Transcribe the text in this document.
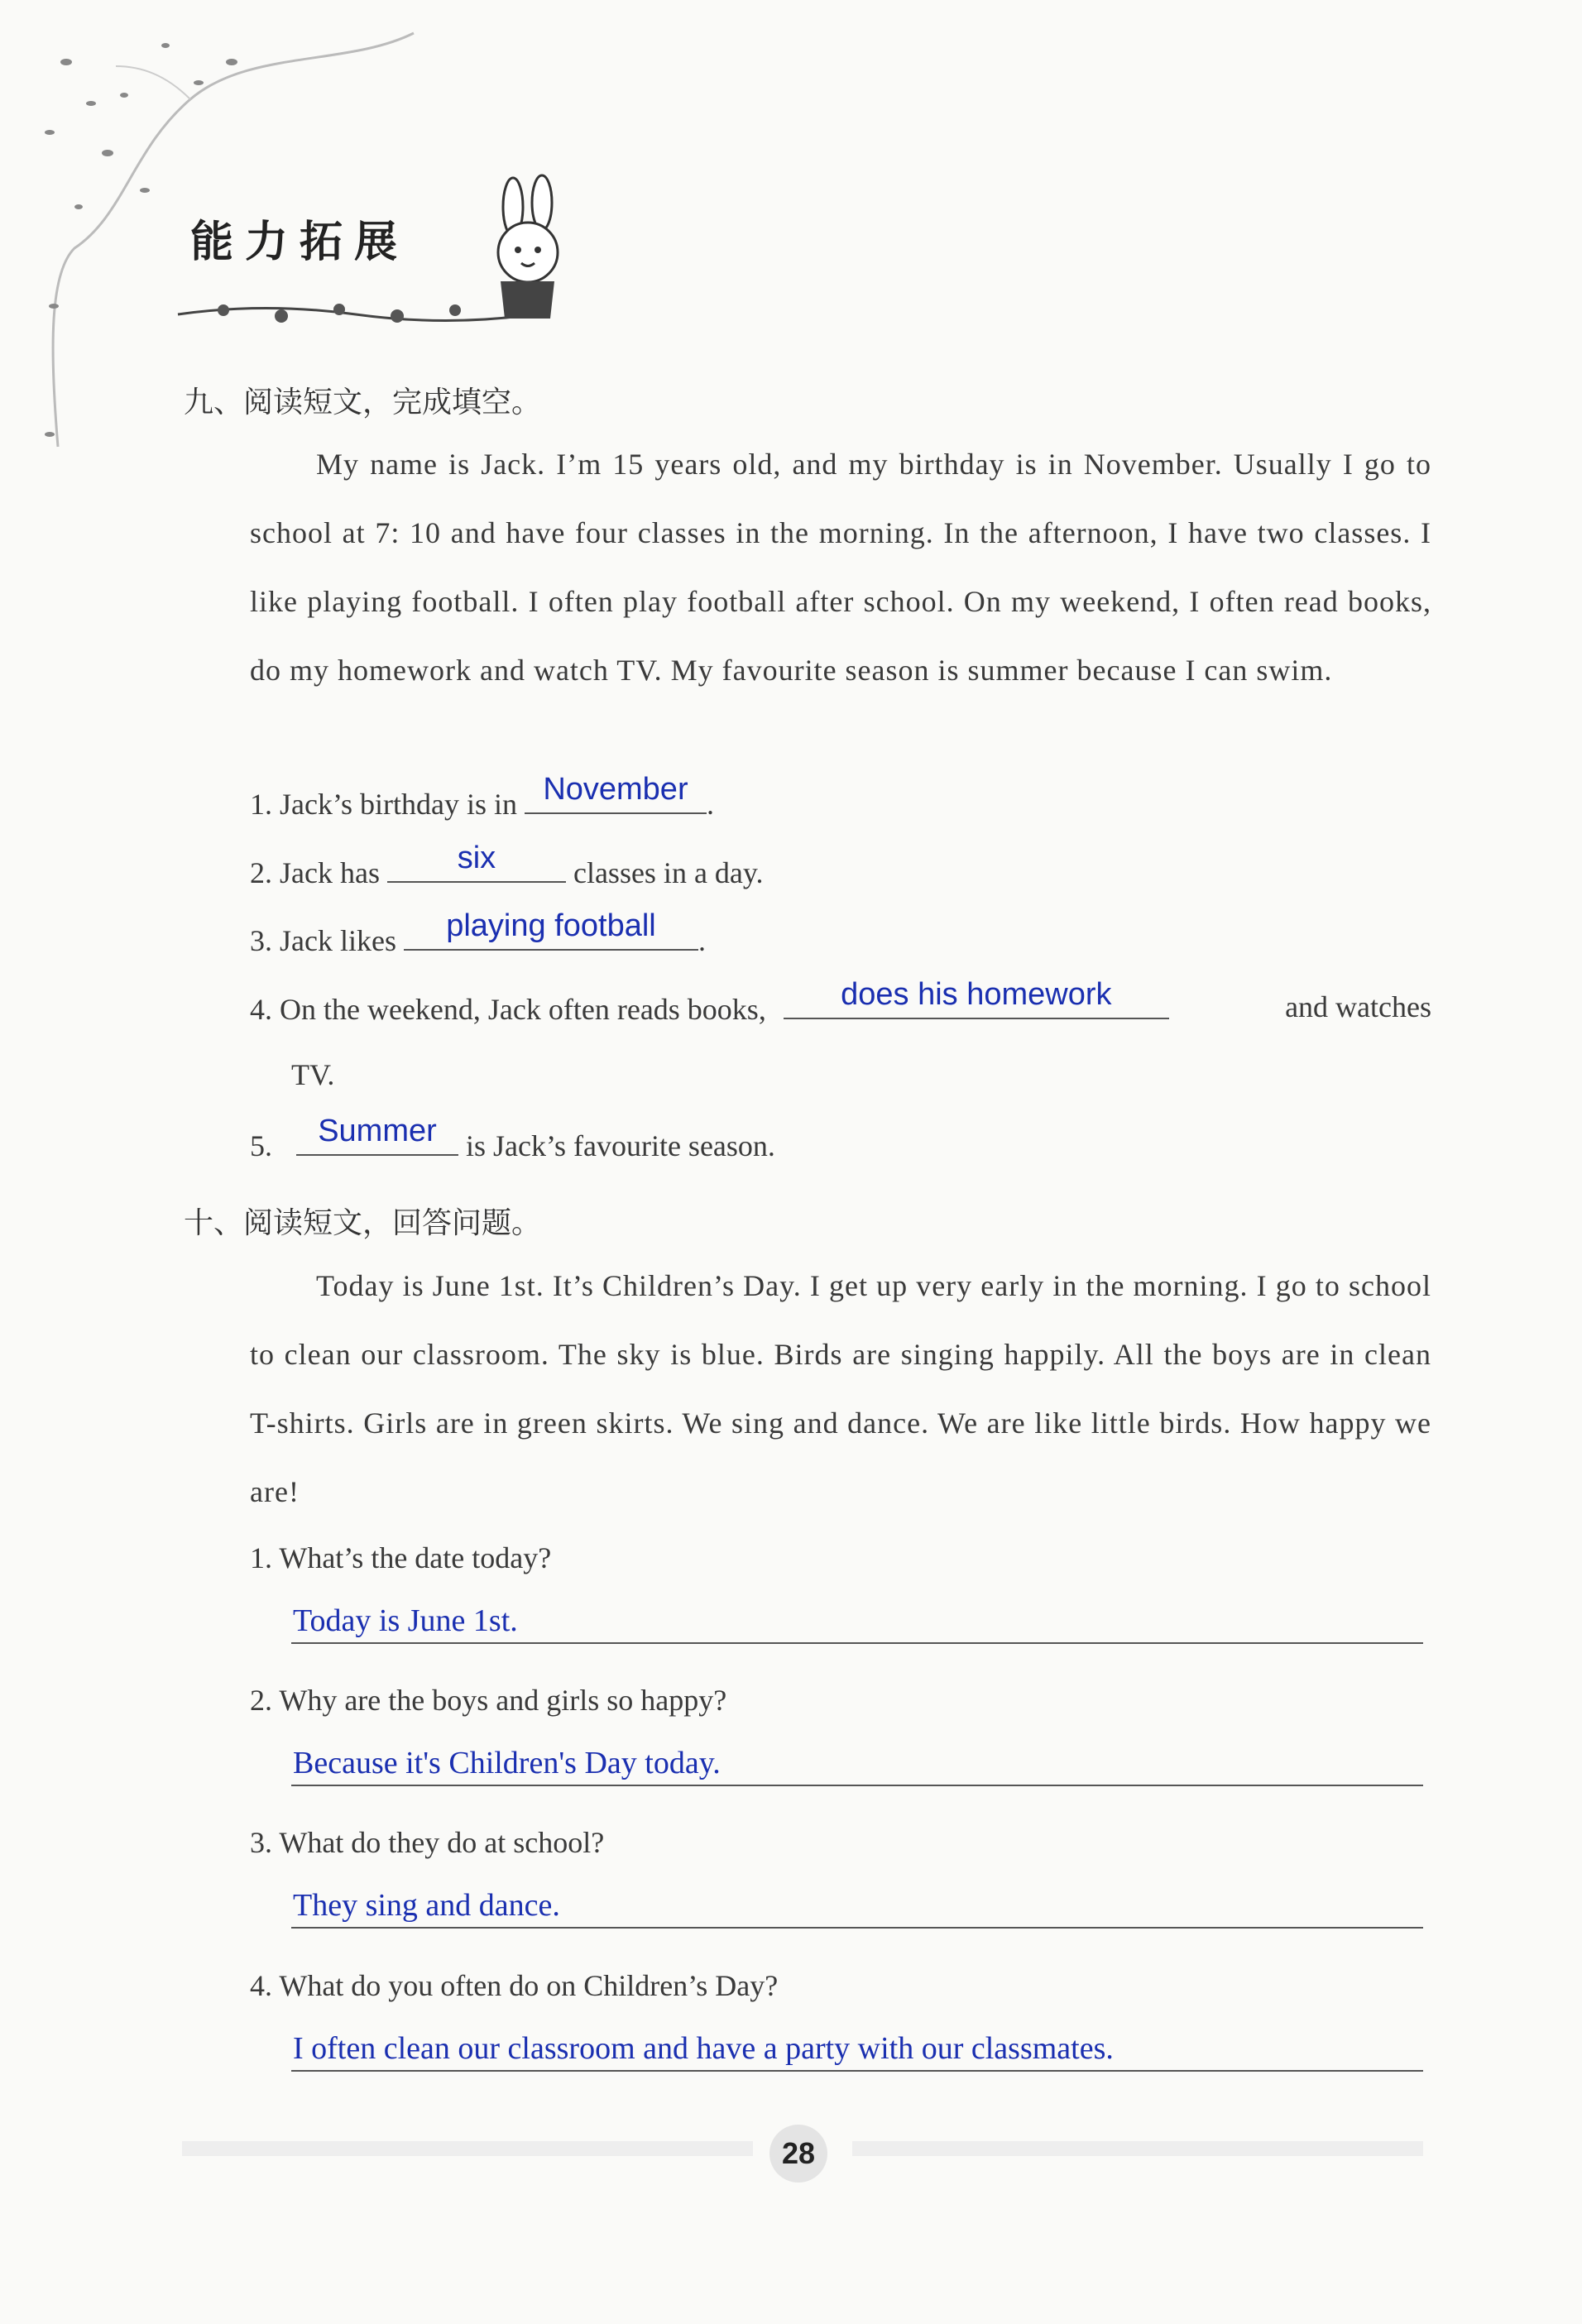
能力拓展
九、阅读短文，完成填空。
My name is Jack. I’m 15 years old, and my birthday is in November. Usually I go to school at 7: 10 and have four classes in the morning. In the afternoon, I have two classes. I like playing football. I often play football after school. On my weekend, I often read books, do my homework and watch TV. My favourite season is summer because I can swim.
1. Jack’s birthday is in November .
2. Jack has	six	classes in a day.
3. Jack likes	playing football	.
4. On the weekend, Jack often reads books,	does his homework	and watches
TV.
5.	Summer is Jack’s favourite season.
十、阅读短文，回答问题。
Today is June 1st. It’s Children’s Day. I get up very early in the morning. I go to school to clean our classroom. The sky is blue. Birds are singing happily. All the boys are in clean T-shirts. Girls are in green skirts. We sing and dance. We are like little birds. How happy we are!
1. What’s the date today?
Today is June 1st.
2. Why are the boys and girls so happy?
Because it's Children's Day today.
3. What do they do at school?
They sing and dance.
4. What do you often do on Children’s Day?
I often clean our classroom and have a party with our classmates.
28
